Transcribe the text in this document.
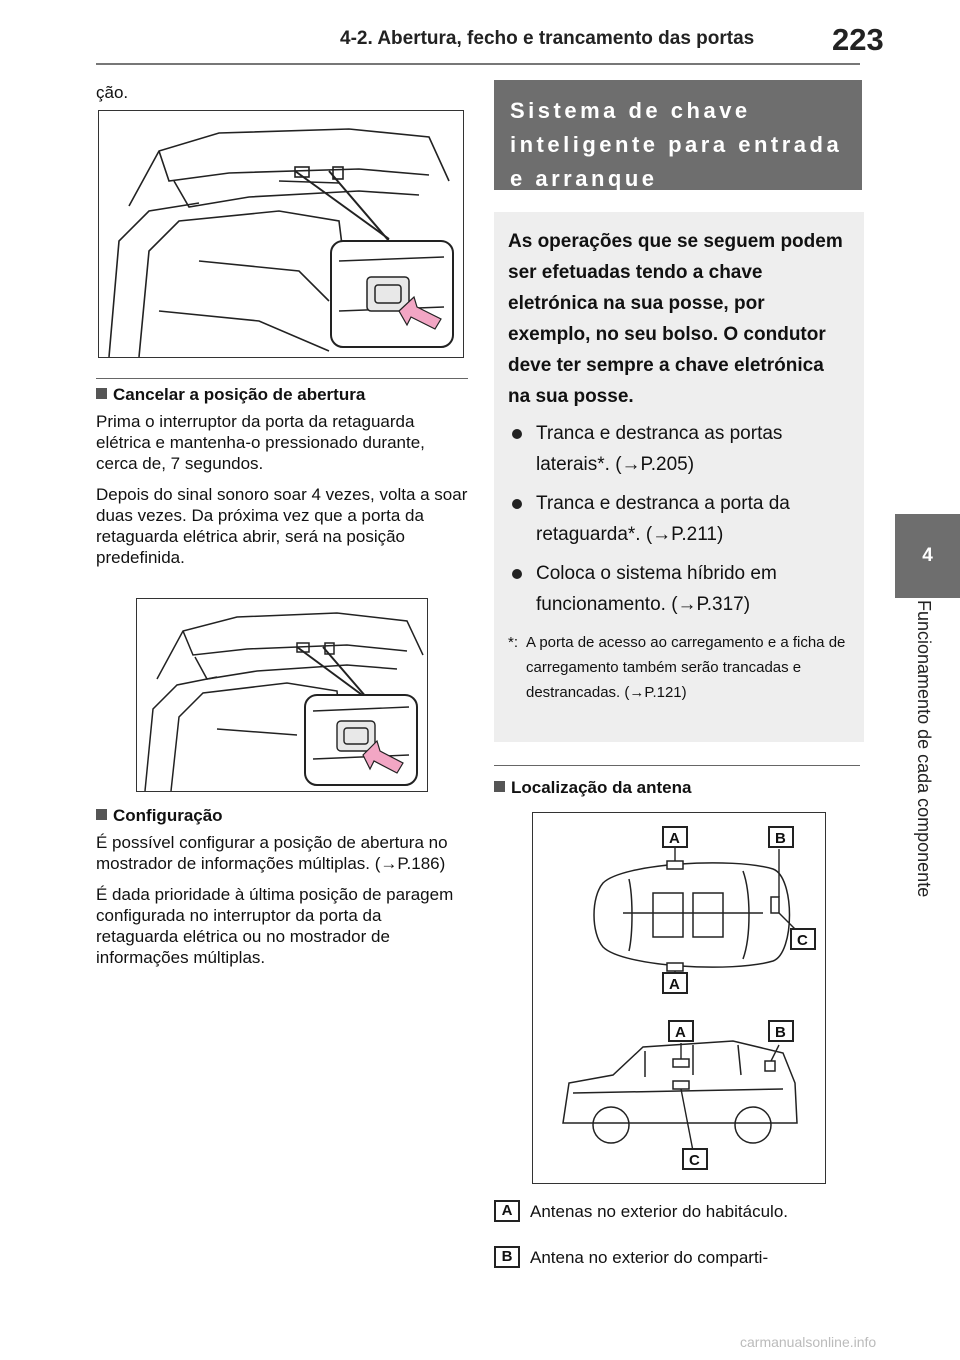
4-2. Abertura, fecho e trancamento das portas	223
4
Funcionamento de cada componente
ção.
Cancelar a posição de abertura

Prima o interruptor da porta da retaguarda elétrica e mantenha-o pressionado durante, cerca de, 7 segundos.

Depois do sinal sonoro soar 4 vezes, volta a soar duas vezes. Da próxima vez que a porta da retaguarda elétrica abrir, será na posição predefinida.

Configuração

É possível configurar a posição de abertura no mostrador de informações múltiplas. (→P.186)

É dada prioridade à última posição de paragem configurada no interruptor da porta da retaguarda elétrica ou no mostrador de informações múltiplas.

Sistema de chave inteligente para entrada e arranque

As operações que se seguem podem ser efetuadas tendo a chave eletrónica na sua posse, por exemplo, no seu bolso. O condutor deve ter sempre a chave eletrónica na sua posse.

Tranca e destranca as portas laterais*. (→P.205)
Tranca e destranca a porta da retaguarda*. (→P.211)
Coloca o sistema híbrido em funcionamento. (→P.317)
*: A porta de acesso ao carregamento e a ficha de carregamento também serão trancadas e destrancadas. (→P.121)
Localização da antena
A	B
C
A
A	B
C
A Antenas no exterior do habitáculo.
B Antena no exterior do comparti-
carmanualsonline.info
